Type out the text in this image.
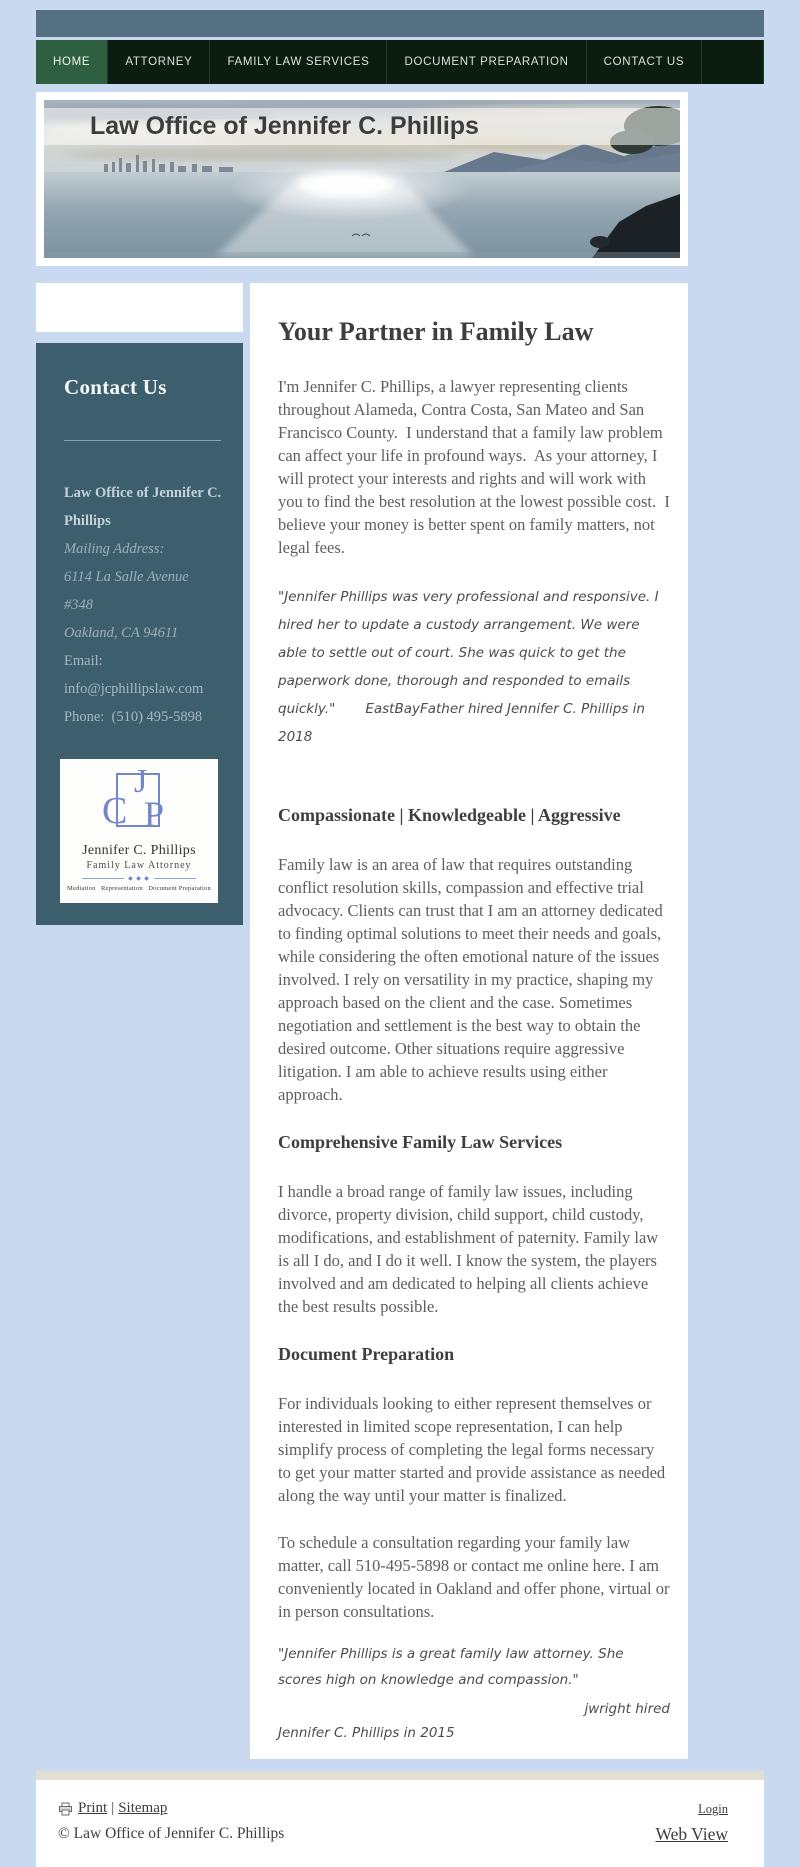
HOME	ATTORNEY	FAMILY LAW SERVICES	DOCUMENT PREPARATION	CONTACT US
Law Office of Jennifer C. Phillips
Contact Us

Law Office of Jennifer C. Phillips

Mailing Address:

6114 La Salle Avenue

#348

Oakland, CA 94611

Email:

info@jcphillipslaw.com

Phone:  (510) 495-5898

J
C P
Jennifer C. Phillips
Family Law Attorney
◆ ◆ ◆
Mediation   Representation   Document Preparation
Your Partner in Family Law

I'm Jennifer C. Phillips, a lawyer representing clients throughout Alameda, Contra Costa, San Mateo and San Francisco County.  I understand that a family law problem can affect your life in profound ways.  As your attorney, I will protect your interests and rights and will work with you to find the best resolution at the lowest possible cost.  I believe your money is better spent on family matters, not legal fees.

"Jennifer Phillips was very professional and responsive. I hired her to update a custody arrangement. We were able to settle out of court. She was quick to get the paperwork done, thorough and responded to emails quickly." EastBayFather hired Jennifer C. Phillips in 2018

Compassionate | Knowledgeable | Aggressive

Family law is an area of law that requires outstanding conflict resolution skills, compassion and effective trial advocacy. Clients can trust that I am an attorney dedicated to finding optimal solutions to meet their needs and goals, while considering the often emotional nature of the issues involved. I rely on versatility in my practice, shaping my approach based on the client and the case. Sometimes negotiation and settlement is the best way to obtain the desired outcome. Other situations require aggressive litigation. I am able to achieve results using either approach.

Comprehensive Family Law Services

I handle a broad range of family law issues, including divorce, property division, child support, child custody, modifications, and establishment of paternity. Family law is all I do, and I do it well. I know the system, the players involved and am dedicated to helping all clients achieve the best results possible.

Document Preparation

For individuals looking to either represent themselves or interested in limited scope representation, I can help simplify process of completing the legal forms necessary to get your matter started and provide assistance as needed along the way until your matter is finalized.

To schedule a consultation regarding your family law matter, call 510-495-5898 or contact me online here. I am conveniently located in Oakland and offer phone, virtual or in person consultations.

"Jennifer Phillips is a great family law attorney. She scores high on knowledge and compassion."

jwright hired
Jennifer C. Phillips in 2015
Print | Sitemap
© Law Office of Jennifer C. Phillips
Login
Web View
